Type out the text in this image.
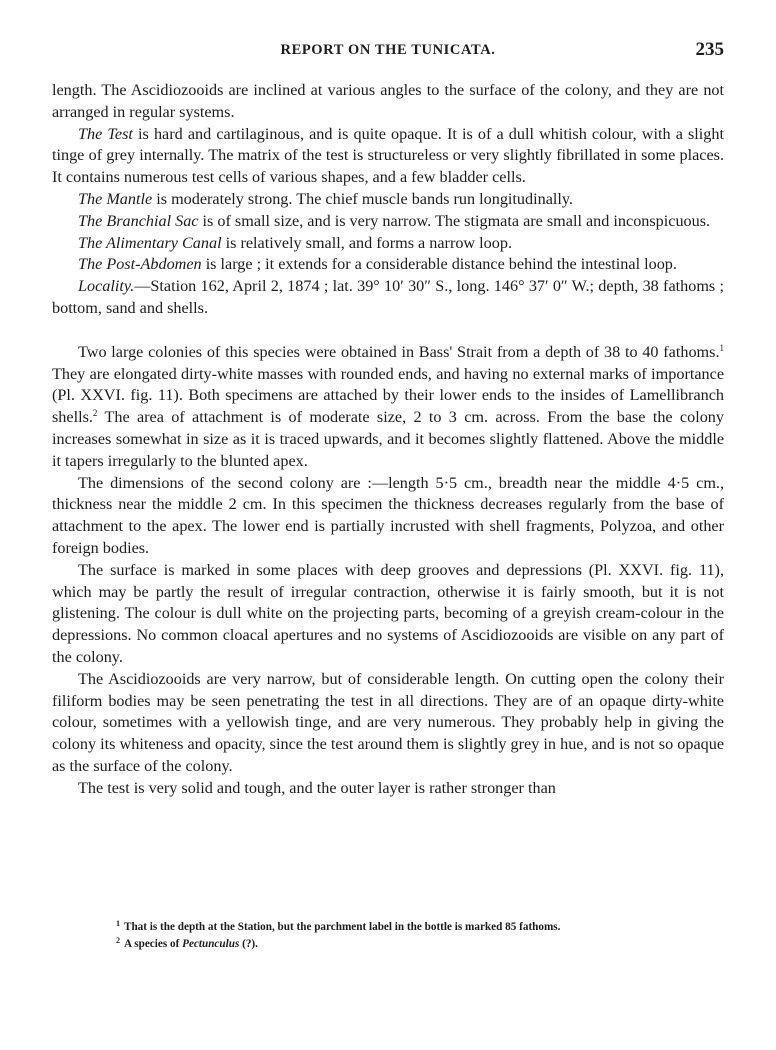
REPORT ON THE TUNICATA.	235

length. The Ascidiozooids are inclined at various angles to the surface of the colony, and they are not arranged in regular systems.

The Test is hard and cartilaginous, and is quite opaque. It is of a dull whitish colour, with a slight tinge of grey internally. The matrix of the test is structureless or very slightly fibrillated in some places. It contains numerous test cells of various shapes, and a few bladder cells.

The Mantle is moderately strong. The chief muscle bands run longitudinally.

The Branchial Sac is of small size, and is very narrow. The stigmata are small and inconspicuous.

The Alimentary Canal is relatively small, and forms a narrow loop.

The Post-Abdomen is large ; it extends for a considerable distance behind the intestinal loop.

Locality.—Station 162, April 2, 1874 ; lat. 39° 10′ 30″ S., long. 146° 37′ 0″ W.; depth, 38 fathoms ; bottom, sand and shells.

Two large colonies of this species were obtained in Bass' Strait from a depth of 38 to 40 fathoms.$^1$ They are elongated dirty-white masses with rounded ends, and having no external marks of importance (Pl. XXVI. fig. 11). Both specimens are attached by their lower ends to the insides of Lamellibranch shells.$^2$ The area of attachment is of moderate size, 2 to 3 cm. across. From the base the colony increases somewhat in size as it is traced upwards, and it becomes slightly flattened. Above the middle it tapers irregularly to the blunted apex.

The dimensions of the second colony are :—length 5·5 cm., breadth near the middle 4·5 cm., thickness near the middle 2 cm. In this specimen the thickness decreases regularly from the base of attachment to the apex. The lower end is partially incrusted with shell fragments, Polyzoa, and other foreign bodies.

The surface is marked in some places with deep grooves and depressions (Pl. XXVI. fig. 11), which may be partly the result of irregular contraction, otherwise it is fairly smooth, but it is not glistening. The colour is dull white on the projecting parts, becoming of a greyish cream-colour in the depressions. No common cloacal apertures and no systems of Ascidiozooids are visible on any part of the colony.

The Ascidiozooids are very narrow, but of considerable length. On cutting open the colony their filiform bodies may be seen penetrating the test in all directions. They are of an opaque dirty-white colour, sometimes with a yellowish tinge, and are very numerous. They probably help in giving the colony its whiteness and opacity, since the test around them is slightly grey in hue, and is not so opaque as the surface of the colony.

The test is very solid and tough, and the outer layer is rather stronger than

$^1$ That is the depth at the Station, but the parchment label in the bottle is marked 85 fathoms.

$^2$ A species of Pectunculus (?).
